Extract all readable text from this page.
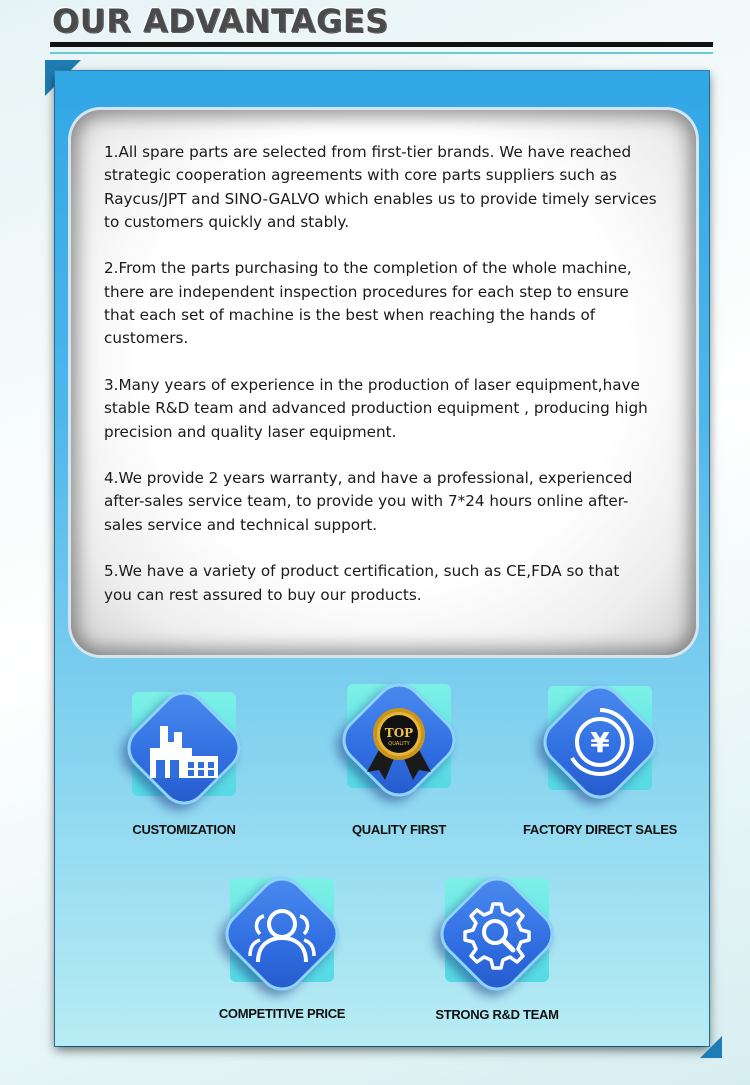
OUR ADVANTAGES

1.All spare parts are selected from first-tier brands. We have reached
strategic cooperation agreements with core parts suppliers such as
Raycus/JPT and SINO-GALVO which enables us to provide timely services
to customers quickly and stably.

2.From the parts purchasing to the completion of the whole machine,
there are independent inspection procedures for each step to ensure
that each set of machine is the best when reaching the hands of
customers.

3.Many years of experience in the production of laser equipment,have
stable R&D team and advanced production equipment , producing high
precision and quality laser equipment.

4.We provide 2 years warranty, and have a professional, experienced
after-sales service team, to provide you with 7*24 hours online after-
sales service and technical support.

5.We have a variety of product certification, such as CE,FDA so that
you can rest assured to buy our products.

CUSTOMIZATION
TOP
QUALITY
QUALITY FIRST
¥
FACTORY DIRECT SALES
COMPETITIVE PRICE	STRONG R&D TEAM
